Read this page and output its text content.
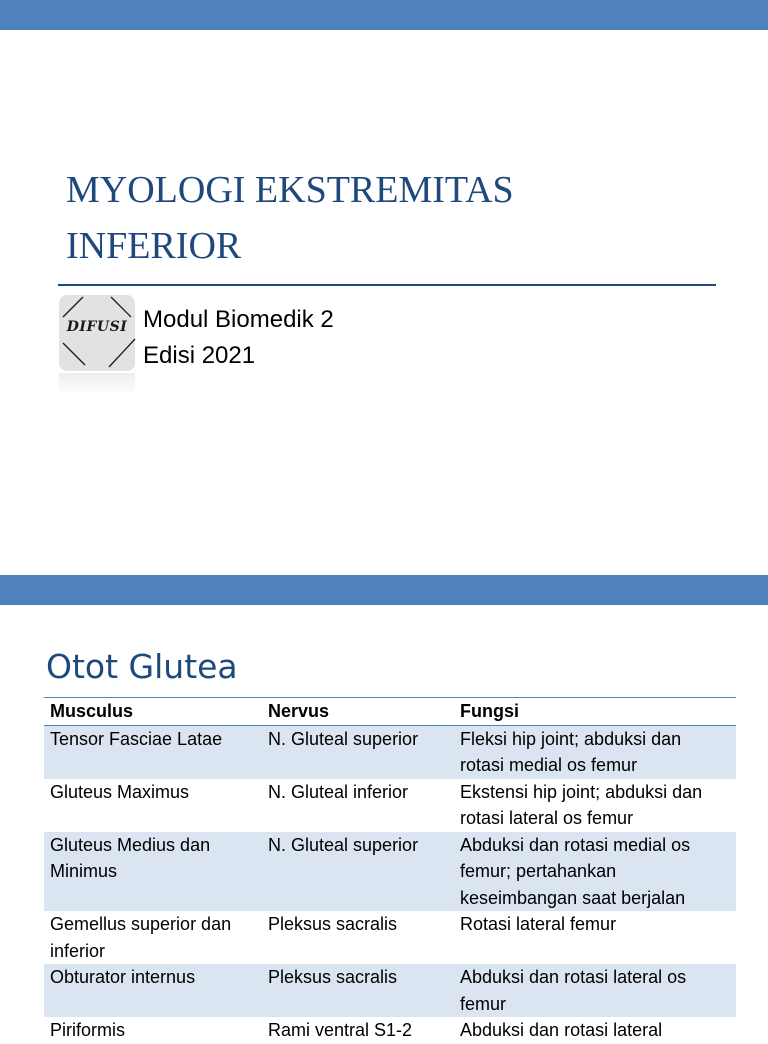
MYOLOGI EKSTREMITAS
INFERIOR
DIFUSI Modul Biomedik 2
Edisi 2021
Otot Glutea
Musculus	Nervus	Fungsi
Tensor Fasciae Latae	N. Gluteal superior	Fleksi hip joint; abduksi dan rotasi medial os femur
Gluteus Maximus	N. Gluteal inferior	Ekstensi hip joint; abduksi dan rotasi lateral os femur
Gluteus Medius dan Minimus	N. Gluteal superior	Abduksi dan rotasi medial os femur; pertahankan keseimbangan saat berjalan
Gemellus superior dan inferior	Pleksus sacralis	Rotasi lateral femur
Obturator internus	Pleksus sacralis	Abduksi dan rotasi lateral os femur
Piriformis	Rami ventral S1-2	Abduksi dan rotasi lateral
